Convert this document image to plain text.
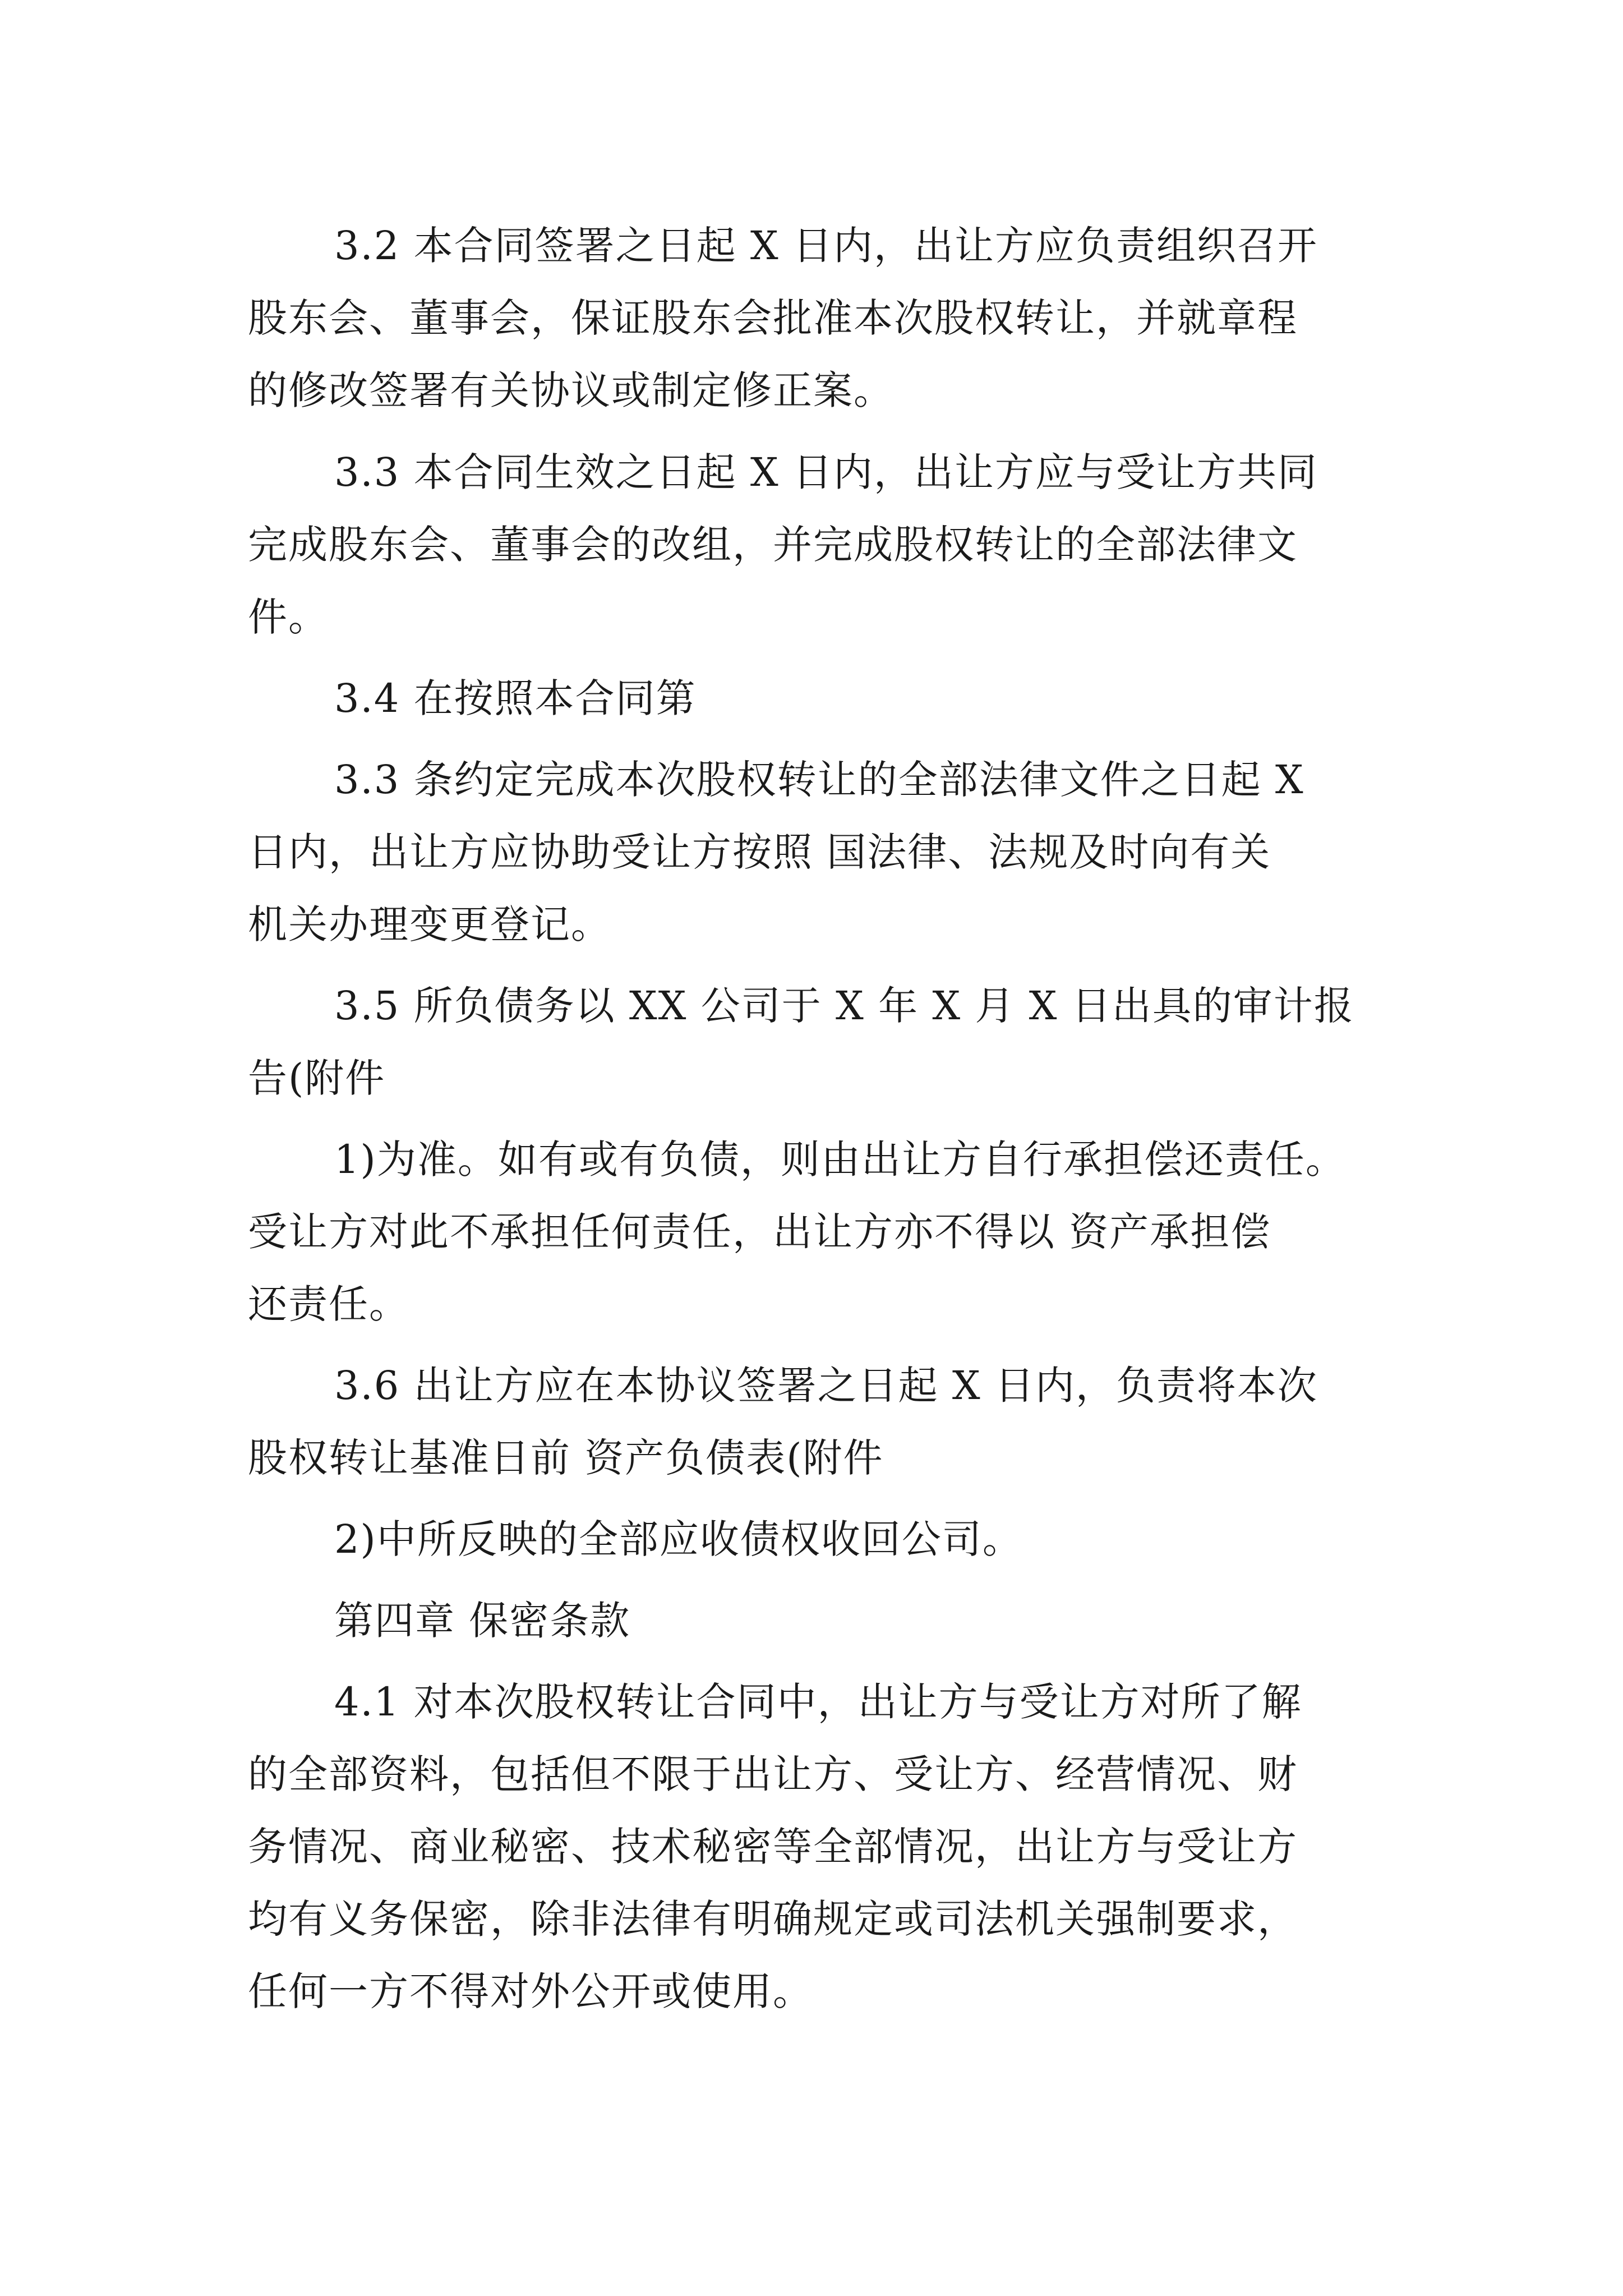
3.2 本合同签署之日起 X 日内，出让方应负责组织召开
股东会、董事会，保证股东会批准本次股权转让，并就章程
的修改签署有关协议或制定修正案。
3.3 本合同生效之日起 X 日内，出让方应与受让方共同
完成股东会、董事会的改组，并完成股权转让的全部法律文
件。
3.4 在按照本合同第
3.3 条约定完成本次股权转让的全部法律文件之日起 X
日内，出让方应协助受让方按照 国法律、法规及时向有关
机关办理变更登记。
3.5 所负债务以 XX 公司于 X 年 X 月 X 日出具的审计报
告(附件
1)为准。如有或有负债，则由出让方自行承担偿还责任。
受让方对此不承担任何责任，出让方亦不得以 资产承担偿
还责任。
3.6 出让方应在本协议签署之日起 X 日内，负责将本次
股权转让基准日前 资产负债表(附件
2)中所反映的全部应收债权收回公司。
第四章 保密条款
4.1 对本次股权转让合同中，出让方与受让方对所了解
的全部资料，包括但不限于出让方、受让方、经营情况、财
务情况、商业秘密、技术秘密等全部情况，出让方与受让方
均有义务保密，除非法律有明确规定或司法机关强制要求，
任何一方不得对外公开或使用。
